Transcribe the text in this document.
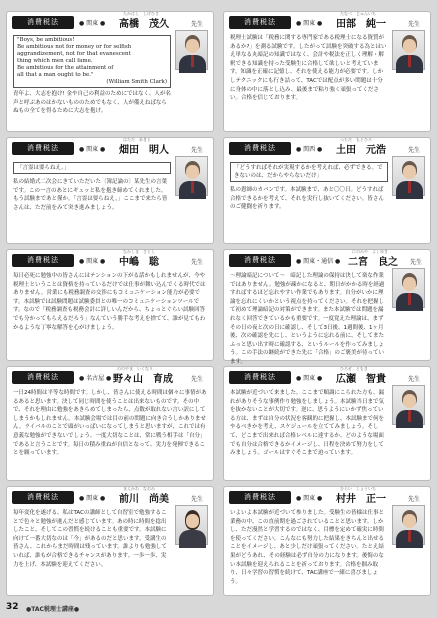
消費税法	● 関東 ●
たかはし　しげひさ
高橋　茂久	先生

"Boys, be ambitious!

Be ambitious not for money or for selfish

aggrandizement, not for that evanescent

thing which men call fame.

Be ambitious for the attainment of

all that a man ought to be."

(William Smith Clark)

青年よ、大志を抱け! 金や自己の利益のためにではなく、人が名声と呼ぶあのはかないもののためでもなく、人が備えねばならぬもの全てを得るために大志を抱け。

消費税法	● 関東 ●
はただ　あきと
畑田　明人	先生
「言霊は要らねえ。」

私の結婚式二次会にきていただいた〔簿記論の〕某先生の言葉です。この一言のあとにギュッと私を抱き締めてくれました。もう試験まであと僅か。「言霊は要らねえ。」ここまで来たら皆さんは、ただ前をみて突き進みましょう。

消費税法	● 関東 ●
なかしま　さとし
中嶋　聡	先生

毎日必死に勉強中の皆さんにはテンションの下がる話かもしれませんが、今や税理士ということは資格を持っているだけでは仕事が舞い込んでくる時代ではありません。営業にも税務調査の交渉にもコミュニケーション能力が必要です。本試験では試験問題は試験委員との唯一のコミュニケーションツールです。なので「税務調査も税務会計に詳しいんだから、ちょっとぐらい試験回答でも分かってもらえるだろう」なんていう勝手な考えを捨てて、誰が見てもわかるような丁寧な解答を心がけましょう。

消費税法	● 名古屋 ●
ののやま　いくなり
野々山　育成	先生

一日24時間は平等な時間です。しかし、皆さんに使える時間は個々に事情があるあると思います。決して同じ時間を使うことは出来ないものです。その中で、それを理由に勉強をあきらめてしまったら、点数が取れない言い訳にしてしまうかもしれません。本試験会場では目の前の問題に向き合うしかありません。ライバルのことで頭がいっぱいになってしまうと思いますが、これでは有意義な勉強ができないでしょう。一度大切なことは、常に戦う相手は「自分」であると言うことです。毎日の積み重ねが自信となって、実力を発揮できることを願っています。

消費税法	● 関東 ●
まえかわ　なおみ
前川　尚美	先生

毎年変化を遂げる、私はTACの講師として自習室で勉強することで色々と勉強が進んだと感じています。あの時に時間を捻出したこと、そしてこの習慣を続けることも重要です。本試験に向けて一番大切なのは「今」があるのだと思います。受講生の皆さん、これからまだ時間は残っています。誰よりも勉強していれば、誰もが合格できるチャンスがあります。一歩一歩、実力を上げ、本試験を迎えてください。

消費税法	● 関東 ●
たなべ　じゅんいち
田部　純一	先生

税理士試験は「税務に関する専門家である税理士になる資質があるか?」を測る試験です。したがって試験を突破する為とはいえ単なる丸暗記の知識ではなく、会計や税法を正しく理解・解釈できる知識を持った受験生に合格して欲しいと考えています。知識を正確に記憶し、それを使える能力が必要です。しかしテクニックにも行き詰って、TACでは配点が多い問題は十分に身体の中に落とし込み、最後まで粘り強く頑張ってください。合格を信じております。

消費税法	● 関西 ●
つちだ　もとひろ
土田　元浩	先生
「どうすればそれが実現するかを考えれば、必ずできる。できないのは、だからやらないだけ」

私の恩師のカバンです。本試験まで、あと〇〇日。どうすれば合格できるかを考えて、それを実行し抜いてください。皆さんのご健闘を祈ります。

消費税法	● 関東・通信 ●
にのみや　よしゆき
二宮　良之 先生

〜理論暗記について〜　暗記した理論の保持は決して楽な作業ではありません。勉強が疎かになると、期日がかかる時を経過すればするほど忘れやすい作業でもあります。自分がいかに理論を忘れにくいかという視点を持ってください。それを把握して初めて理論暗記の対策ができます。また本試験では問題を漏れなく回答できているかも重要です。一度覚えた理論は、まずその日の夜と次の日に確認し、そして3日後、1週間後、1ヶ月後、次の確認を先にし、というように忘れる前に、そしてまたふっと思い出す時に確認する、というルールを作ってみましょう。この手法の継続ができた先に「合格」のご褒美が待っています。

消費税法	● 関東 ●
ひろせ　ともき
広瀬　智貴	先生

本試験が近づいて来ました。ここまで順調にこられた方も、漏れがありそうな事例作り勉強をしましょう。本試験当日まで気を抜かないことが大切です。逆に、思うようにいかず焦っている方は、まずは自分の状況を客観的に把握し、本試験まで何をやるべきかを考え、スケジュールを立ててみましょう。そして、どこまで出来れば合格レベルに達するか、どのような場面でも自分は合格できるかイメージし、日程を決めて努力をしてみましょう。ゴールはすぐそこまで迫っています。

消費税法	● 関東 ●
むらい　しょういち
村井　正一	先生

いよいよ本試験が近づいて参りました。受験生の皆様は仕事と業務の中、この直前期を過ごされていることと思います。しかし、ただ漫然と学習するのではなく、目標を定めて確実に時間を使ってください。こんなにも努力した結果をきちんと出せることをイメージし、あと少しだけ頑張ってください。たとえ結果がどうあれ、その経験は必ず自分の力になります。後悔のない本試験を迎えられることを祈っております。合格を掴み取り、日々学習の習慣を続けて、TAC講座で一緒に喜びましょう。

32 ●TAC税理士講座●
